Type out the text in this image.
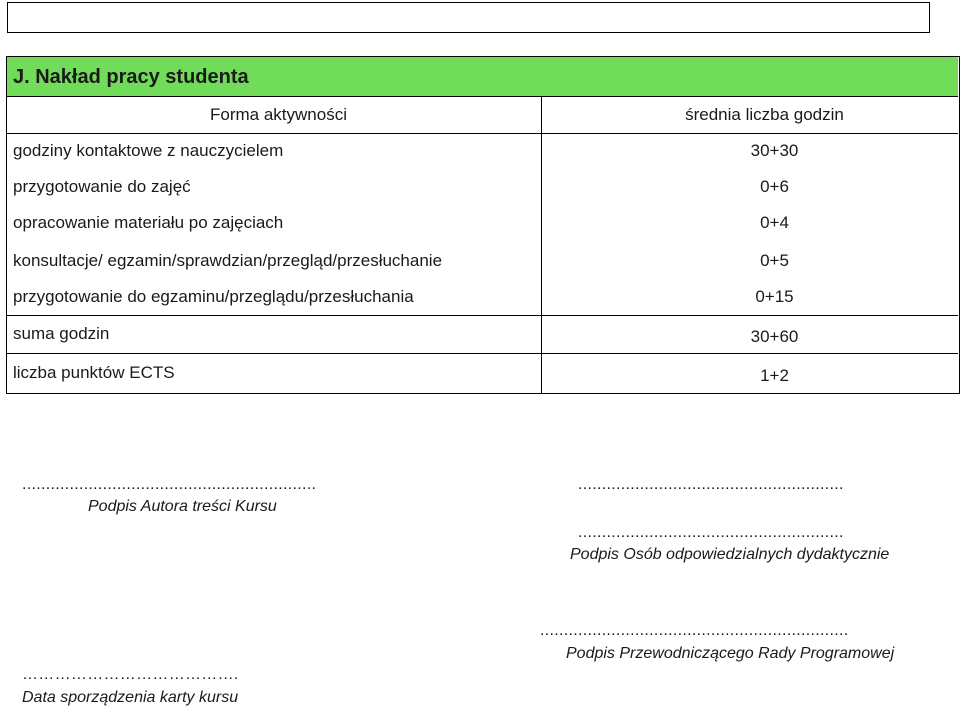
J. Nakład pracy studenta
Forma aktywności	średnia liczba godzin
godziny kontaktowe z nauczycielem	30+30
przygotowanie do zajęć	0+6
opracowanie materiału po zajęciach	0+4
konsultacje/ egzamin/sprawdzian/przegląd/przesłuchanie	0+5
przygotowanie do egzaminu/przeglądu/przesłuchania	0+15
suma godzin	30+60
liczba punktów ECTS	1+2
..............................................................
Podpis Autora treści Kursu
........................................................
........................................................
Podpis Osób odpowiedzialnych dydaktycznie
.................................................................
Podpis Przewodniczącego Rady Programowej
………………………………….
Data sporządzenia karty kursu
